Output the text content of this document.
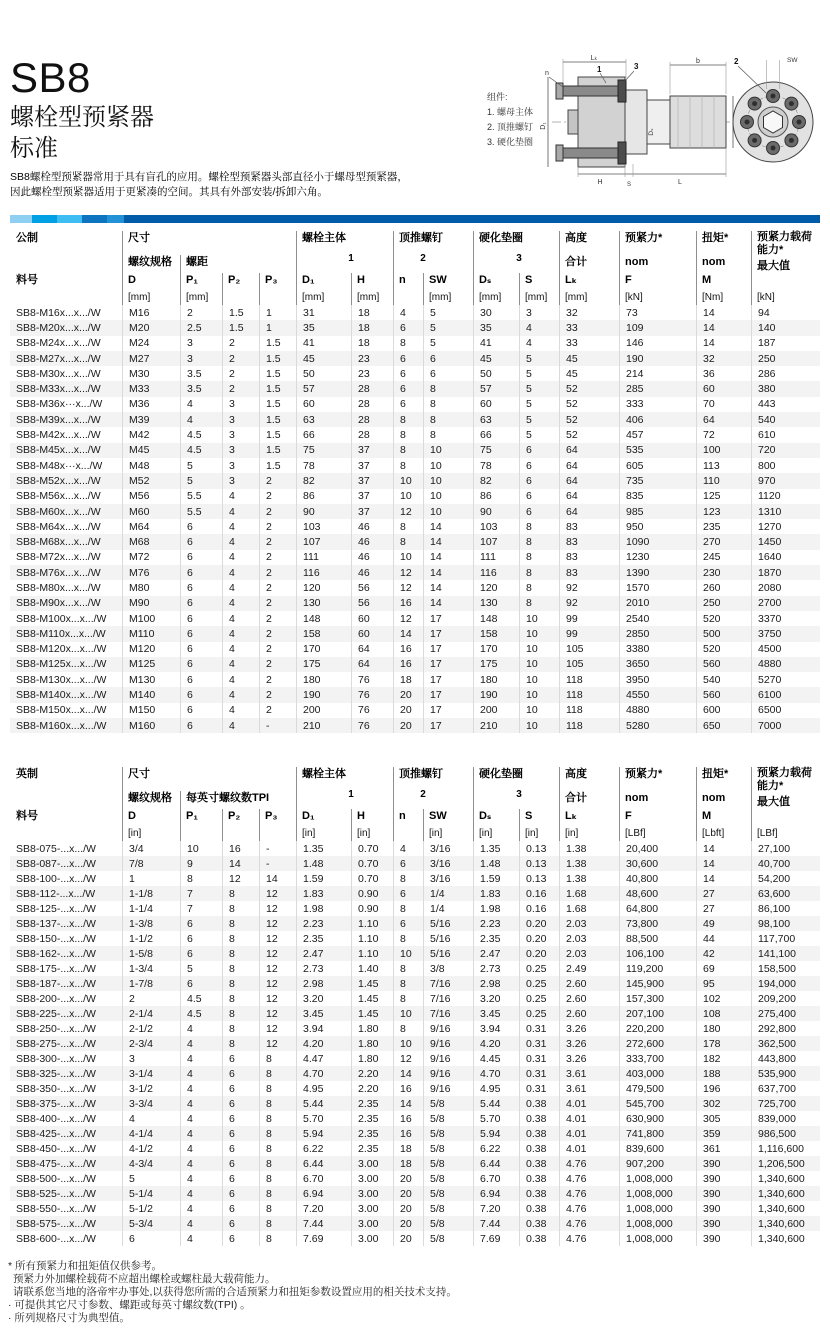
SB8
螺栓型预紧器
标准
SB8螺栓型预紧器常用于具有盲孔的应用。螺栓型预紧器头部直径小于螺母型预紧器，
因此螺栓型预紧器适用于更紧凑的空间。其具有外部安装/拆卸六角。
组件:
1. 螺母主体
2. 顶推螺钉
3. 硬化垫圈
Lₖ	b
n	1	3
D₁
Dₛ
H	S	L
2	SW
公制	尺寸	螺栓主体	顶推螺钉	硬化垫圈	高度	预紧力*	扭矩*	预紧力载荷能力*
最大值
螺纹规格	螺距	合计	nom	nom
料号	D	P₁	P₂	P₃	D₁	H	n	SW	Dₛ	S	Lₖ	F	M
[mm]	[mm]	[mm]	[mm]	[mm]	[mm]	[mm]	[mm]	[kN]	[Nm]	[kN]
1	2	3
SB8-M16x...x.../W	M16	2	1.5	1	31	18	4	5	30	3	32	73	14	94
SB8-M20x...x.../W	M20	2.5	1.5	1	35	18	6	5	35	4	33	109	14	140
SB8-M24x...x.../W	M24	3	2	1.5	41	18	8	5	41	4	33	146	14	187
SB8-M27x...x.../W	M27	3	2	1.5	45	23	6	6	45	5	45	190	32	250
SB8-M30x...x.../W	M30	3.5	2	1.5	50	23	6	6	50	5	45	214	36	286
SB8-M33x...x.../W	M33	3.5	2	1.5	57	28	6	8	57	5	52	285	60	380
SB8-M36x···x.../W	M36	4	3	1.5	60	28	6	8	60	5	52	333	70	443
SB8-M39x...x.../W	M39	4	3	1.5	63	28	8	8	63	5	52	406	64	540
SB8-M42x...x.../W	M42	4.5	3	1.5	66	28	8	8	66	5	52	457	72	610
SB8-M45x...x.../W	M45	4.5	3	1.5	75	37	8	10	75	6	64	535	100	720
SB8-M48x···x.../W	M48	5	3	1.5	78	37	8	10	78	6	64	605	113	800
SB8-M52x...x.../W	M52	5	3	2	82	37	10	10	82	6	64	735	110	970
SB8-M56x...x.../W	M56	5.5	4	2	86	37	10	10	86	6	64	835	125	1120
SB8-M60x...x.../W	M60	5.5	4	2	90	37	12	10	90	6	64	985	123	1310
SB8-M64x...x.../W	M64	6	4	2	103	46	8	14	103	8	83	950	235	1270
SB8-M68x...x.../W	M68	6	4	2	107	46	8	14	107	8	83	1090	270	1450
SB8-M72x...x.../W	M72	6	4	2	111	46	10	14	111	8	83	1230	245	1640
SB8-M76x...x.../W	M76	6	4	2	116	46	12	14	116	8	83	1390	230	1870
SB8-M80x...x.../W	M80	6	4	2	120	56	12	14	120	8	92	1570	260	2080
SB8-M90x...x.../W	M90	6	4	2	130	56	16	14	130	8	92	2010	250	2700
SB8-M100x...x.../W	M100	6	4	2	148	60	12	17	148	10	99	2540	520	3370
SB8-M110x...x.../W	M110	6	4	2	158	60	14	17	158	10	99	2850	500	3750
SB8-M120x...x.../W	M120	6	4	2	170	64	16	17	170	10	105	3380	520	4500
SB8-M125x...x.../W	M125	6	4	2	175	64	16	17	175	10	105	3650	560	4880
SB8-M130x...x.../W	M130	6	4	2	180	76	18	17	180	10	118	3950	540	5270
SB8-M140x...x.../W	M140	6	4	2	190	76	20	17	190	10	118	4550	560	6100
SB8-M150x...x.../W	M150	6	4	2	200	76	20	17	200	10	118	4880	600	6500
SB8-M160x...x.../W	M160	6	4	-	210	76	20	17	210	10	118	5280	650	7000
英制	尺寸	螺栓主体	顶推螺钉	硬化垫圈	高度	预紧力*	扭矩*	预紧力载荷能力*
最大值
螺纹规格	每英寸螺纹数TPI	合计	nom	nom
料号	D	P₁	P₂	P₃	D₁	H	n	SW	Dₛ	S	Lₖ	F	M
[in]	[in]	[in]	[in]	[in]	[in]	[in]	[LBf]	[Lbft]	[LBf]
1	2	3
SB8-075-...x.../W	3/4	10	16	-	1.35	0.70	4	3/16	1.35	0.13	1.38	20,400	14	27,100
SB8-087-...x.../W	7/8	9	14	-	1.48	0.70	6	3/16	1.48	0.13	1.38	30,600	14	40,700
SB8-100-...x.../W	1	8	12	14	1.59	0.70	8	3/16	1.59	0.13	1.38	40,800	14	54,200
SB8-112-...x.../W	1-1/8	7	8	12	1.83	0.90	6	1/4	1.83	0.16	1.68	48,600	27	63,600
SB8-125-...x.../W	1-1/4	7	8	12	1.98	0.90	8	1/4	1.98	0.16	1.68	64,800	27	86,100
SB8-137-...x.../W	1-3/8	6	8	12	2.23	1.10	6	5/16	2.23	0.20	2.03	73,800	49	98,100
SB8-150-...x.../W	1-1/2	6	8	12	2.35	1.10	8	5/16	2.35	0.20	2.03	88,500	44	117,700
SB8-162-...x.../W	1-5/8	6	8	12	2.47	1.10	10	5/16	2.47	0.20	2.03	106,100	42	141,100
SB8-175-...x.../W	1-3/4	5	8	12	2.73	1.40	8	3/8	2.73	0.25	2.49	119,200	69	158,500
SB8-187-...x.../W	1-7/8	6	8	12	2.98	1.45	8	7/16	2.98	0.25	2.60	145,900	95	194,000
SB8-200-...x.../W	2	4.5	8	12	3.20	1.45	8	7/16	3.20	0.25	2.60	157,300	102	209,200
SB8-225-...x.../W	2-1/4	4.5	8	12	3.45	1.45	10	7/16	3.45	0.25	2.60	207,100	108	275,400
SB8-250-...x.../W	2-1/2	4	8	12	3.94	1.80	8	9/16	3.94	0.31	3.26	220,200	180	292,800
SB8-275-...x.../W	2-3/4	4	8	12	4.20	1.80	10	9/16	4.20	0.31	3.26	272,600	178	362,500
SB8-300-...x.../W	3	4	6	8	4.47	1.80	12	9/16	4.45	0.31	3.26	333,700	182	443,800
SB8-325-...x.../W	3-1/4	4	6	8	4.70	2.20	14	9/16	4.70	0.31	3.61	403,000	188	535,900
SB8-350-...x.../W	3-1/2	4	6	8	4.95	2.20	16	9/16	4.95	0.31	3.61	479,500	196	637,700
SB8-375-...x.../W	3-3/4	4	6	8	5.44	2.35	14	5/8	5.44	0.38	4.01	545,700	302	725,700
SB8-400-...x.../W	4	4	6	8	5.70	2.35	16	5/8	5.70	0.38	4.01	630,900	305	839,000
SB8-425-...x.../W	4-1/4	4	6	8	5.94	2.35	16	5/8	5.94	0.38	4.01	741,800	359	986,500
SB8-450-...x.../W	4-1/2	4	6	8	6.22	2.35	18	5/8	6.22	0.38	4.01	839,600	361	1,116,600
SB8-475-...x.../W	4-3/4	4	6	8	6.44	3.00	18	5/8	6.44	0.38	4.76	907,200	390	1,206,500
SB8-500-...x.../W	5	4	6	8	6.70	3.00	20	5/8	6.70	0.38	4.76	1,008,000	390	1,340,600
SB8-525-...x.../W	5-1/4	4	6	8	6.94	3.00	20	5/8	6.94	0.38	4.76	1,008,000	390	1,340,600
SB8-550-...x.../W	5-1/2	4	6	8	7.20	3.00	20	5/8	7.20	0.38	4.76	1,008,000	390	1,340,600
SB8-575-...x.../W	5-3/4	4	6	8	7.44	3.00	20	5/8	7.44	0.38	4.76	1,008,000	390	1,340,600
SB8-600-...x.../W	6	4	6	8	7.69	3.00	20	5/8	7.69	0.38	4.76	1,008,000	390	1,340,600
* 所有预紧力和扭矩值仅供参考。
预紧力外加螺栓载荷不应超出螺栓或螺柱最大载荷能力。
请联系您当地的洛帝牢办事处,以获得您所需的合适预紧力和扭矩参数设置应用的相关技术支持。
· 可提供其它尺寸参数、螺距或每英寸螺纹数(TPI) 。
· 所列规格尺寸为典型值。
